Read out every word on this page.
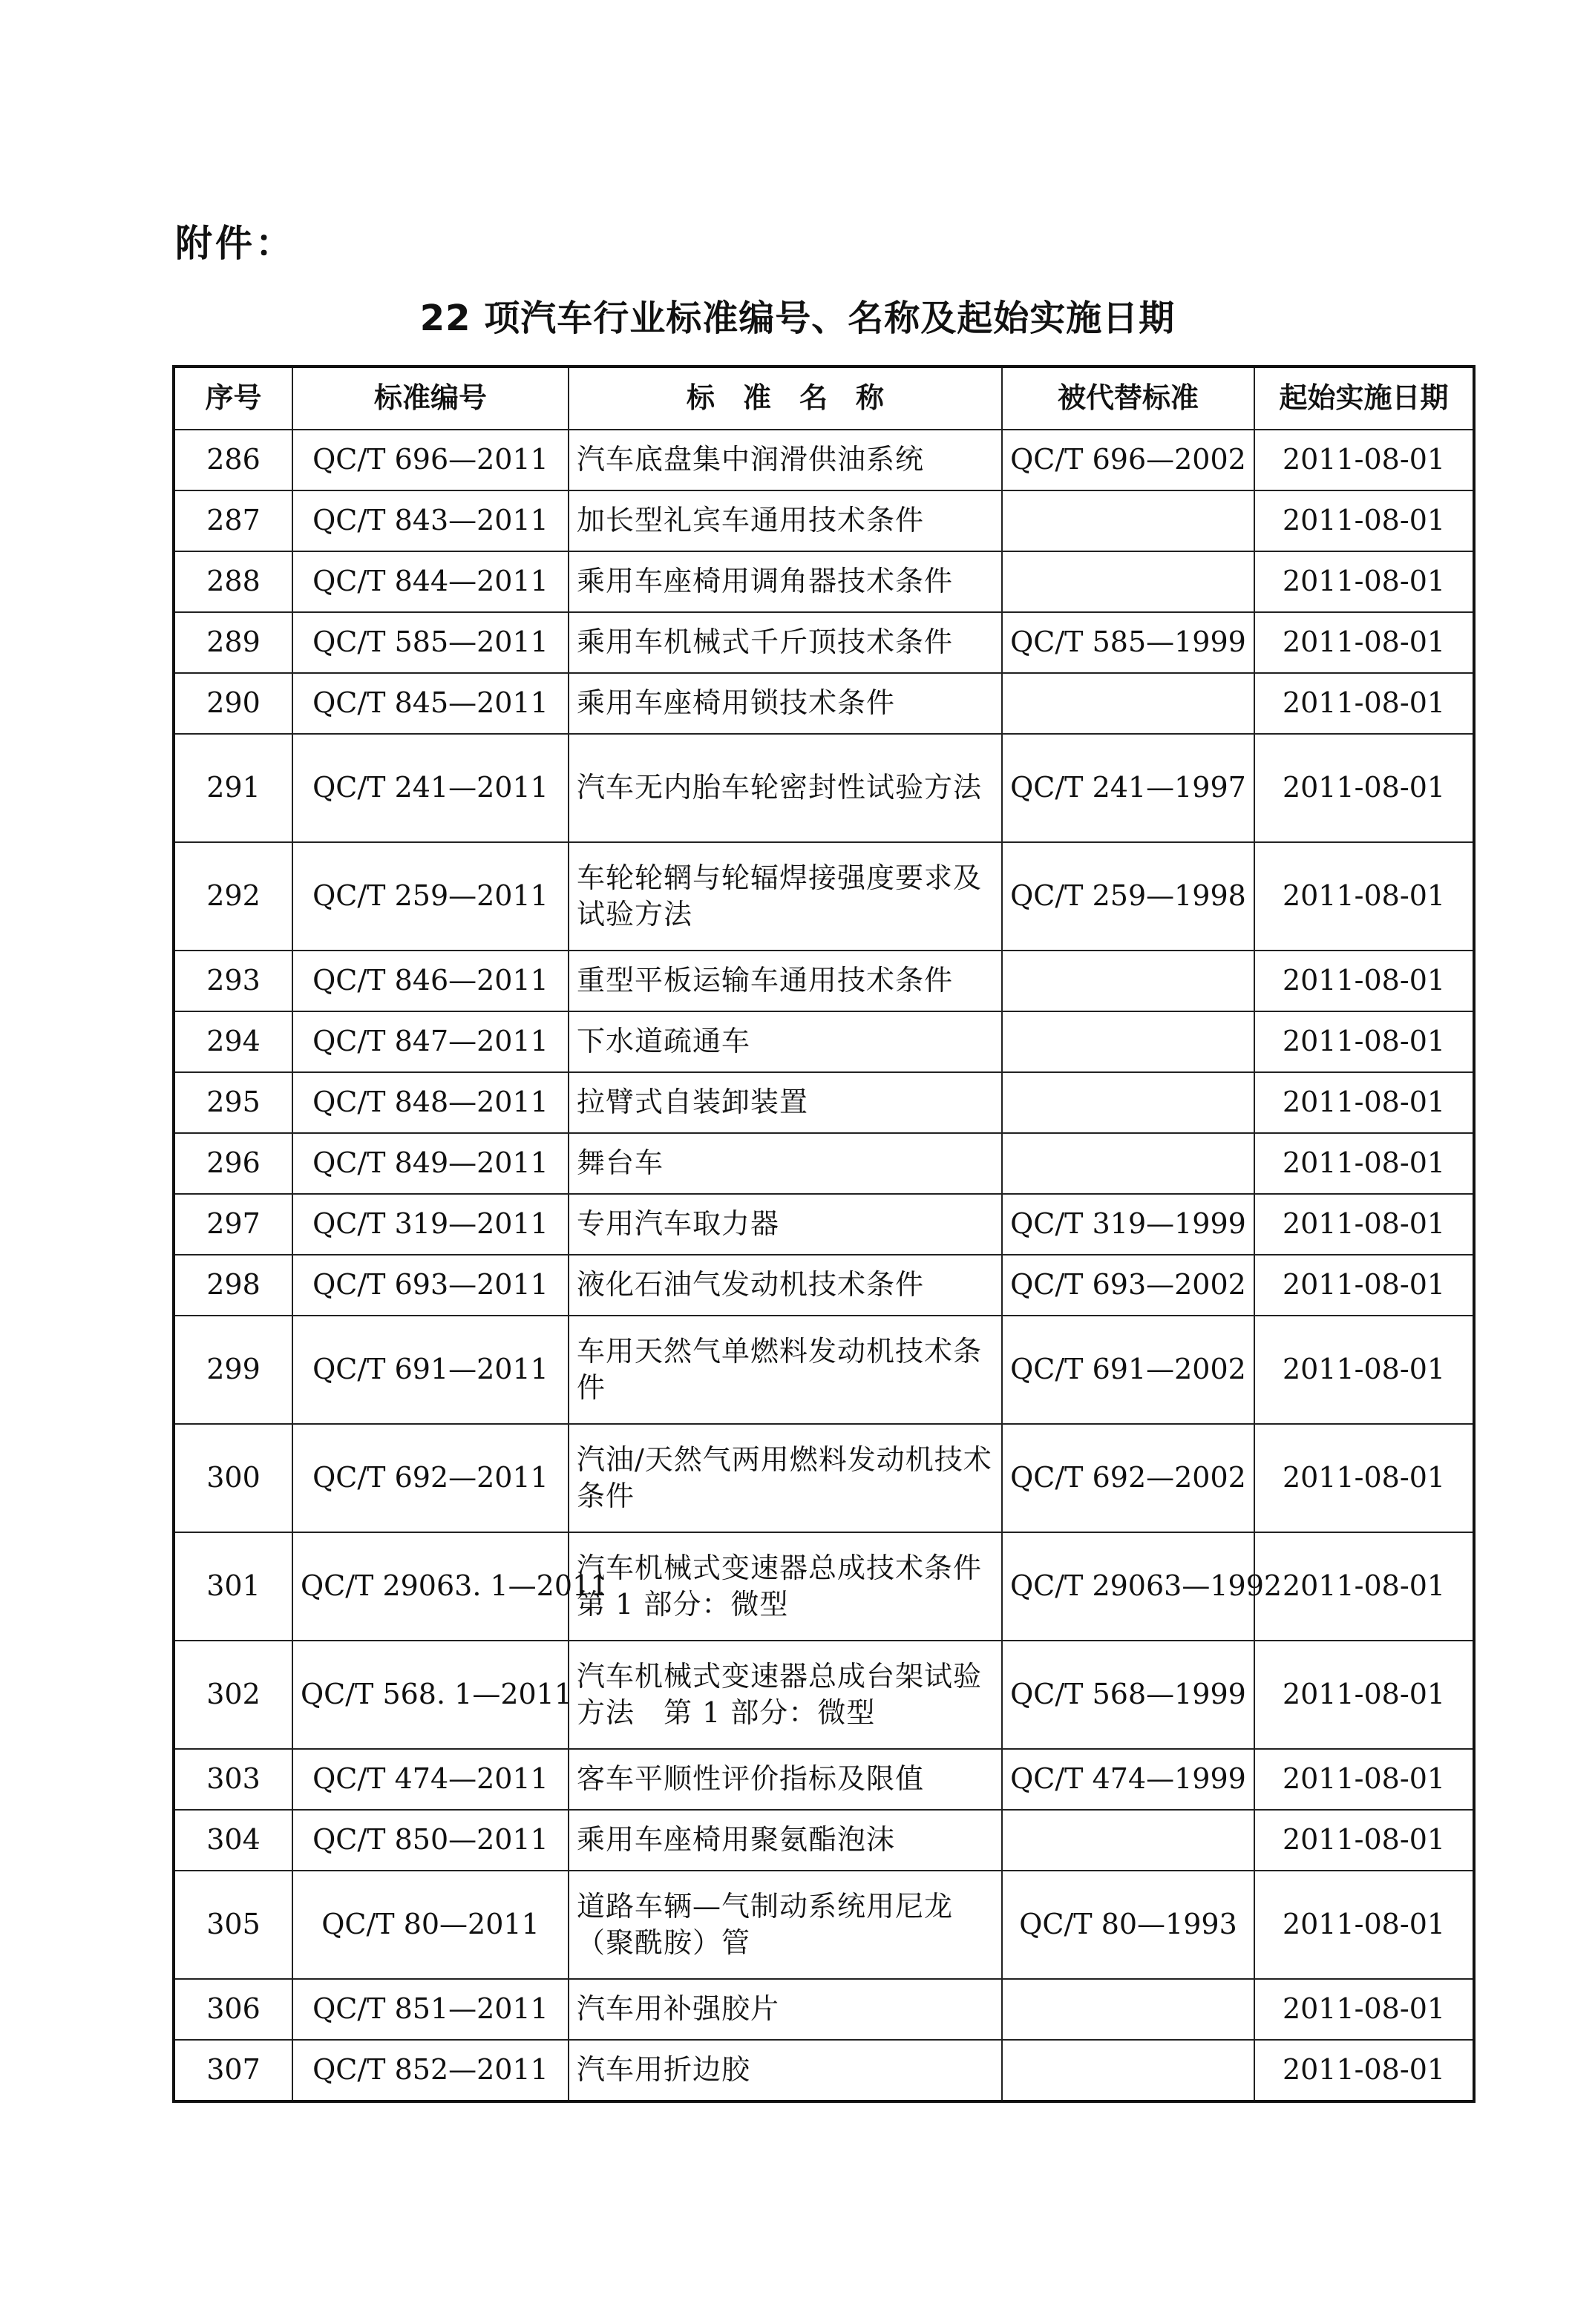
附件：
22 项汽车行业标准编号、名称及起始实施日期
序号	标准编号	标　准　名　称	被代替标准	起始实施日期
286	QC/T 696—2011	汽车底盘集中润滑供油系统	QC/T 696—2002	2011-08-01
287	QC/T 843—2011	加长型礼宾车通用技术条件		2011-08-01
288	QC/T 844—2011	乘用车座椅用调角器技术条件		2011-08-01
289	QC/T 585—2011	乘用车机械式千斤顶技术条件	QC/T 585—1999	2011-08-01
290	QC/T 845—2011	乘用车座椅用锁技术条件		2011-08-01
291	QC/T 241—2011	汽车无内胎车轮密封性试验方法	QC/T 241—1997	2011-08-01
292	QC/T 259—2011	车轮轮辋与轮辐焊接强度要求及试验方法	QC/T 259—1998	2011-08-01
293	QC/T 846—2011	重型平板运输车通用技术条件		2011-08-01
294	QC/T 847—2011	下水道疏通车		2011-08-01
295	QC/T 848—2011	拉臂式自装卸装置		2011-08-01
296	QC/T 849—2011	舞台车		2011-08-01
297	QC/T 319—2011	专用汽车取力器	QC/T 319—1999	2011-08-01
298	QC/T 693—2011	液化石油气发动机技术条件	QC/T 693—2002	2011-08-01
299	QC/T 691—2011	车用天然气单燃料发动机技术条件	QC/T 691—2002	2011-08-01
300	QC/T 692—2011	汽油/天然气两用燃料发动机技术条件	QC/T 692—2002	2011-08-01
301	QC/T 29063. 1—2011	汽车机械式变速器总成技术条件　第 1 部分：微型	QC/T 29063—1992	2011-08-01
302	QC/T 568. 1—2011	汽车机械式变速器总成台架试验方法　第 1 部分：微型	QC/T 568—1999	2011-08-01
303	QC/T 474—2011	客车平顺性评价指标及限值	QC/T 474—1999	2011-08-01
304	QC/T 850—2011	乘用车座椅用聚氨酯泡沫		2011-08-01
305	QC/T 80—2011	道路车辆—气制动系统用尼龙（聚酰胺）管	QC/T 80—1993	2011-08-01
306	QC/T 851—2011	汽车用补强胶片		2011-08-01
307	QC/T 852—2011	汽车用折边胶		2011-08-01
